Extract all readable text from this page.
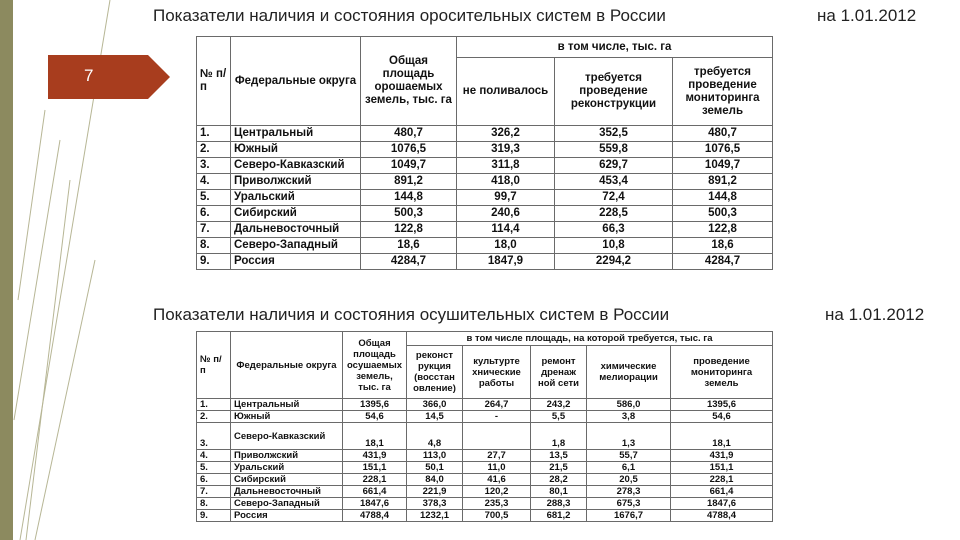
7
Показатели наличия и состояния оросительных систем в России	на 1.01.2012
№ п/п	Федеральные округа	Общая площадь орошаемых земель, тыс. га	в том числе, тыс. га		
			не поливалось	требуется проведение реконструкции	требуется проведение мониторинга земель
1.	Центральный	480,7	326,2	352,5	480,7
2.	Южный	1076,5	319,3	559,8	1076,5
3.	Северо-Кавказский	1049,7	311,8	629,7	1049,7
4.	Приволжский	891,2	418,0	453,4	891,2
5.	Уральский	144,8	99,7	72,4	144,8
6.	Сибирский	500,3	240,6	228,5	500,3
7.	Дальневосточный	122,8	114,4	66,3	122,8
8.	Северо-Западный	18,6	18,0	10,8	18,6
9.	Россия	4284,7	1847,9	2294,2	4284,7
Показатели наличия и состояния осушительных систем в России	на 1.01.2012
№ п/п	Федеральные округа	Общая площадь осушаемых земель, тыс. га	в том числе площадь, на которой требуется, тыс. га				
			реконст рукция (восстан овление)	культурте хнические работы	ремонт дренаж ной сети	химические мелиорации	проведение мониторинга земель
1.	Центральный	1395,6	366,0	264,7	243,2	586,0	1395,6
2.	Южный	54,6	14,5	-	5,5	3,8	54,6
3.	Северо-Кавказский	18,1	4,8		1,8	1,3	18,1
4.	Приволжский	431,9	113,0	27,7	13,5	55,7	431,9
5.	Уральский	151,1	50,1	11,0	21,5	6,1	151,1
6.	Сибирский	228,1	84,0	41,6	28,2	20,5	228,1
7.	Дальневосточный	661,4	221,9	120,2	80,1	278,3	661,4
8.	Северо-Западный	1847,6	378,3	235,3	288,3	675,3	1847,6
9.	Россия	4788,4	1232,1	700,5	681,2	1676,7	4788,4
